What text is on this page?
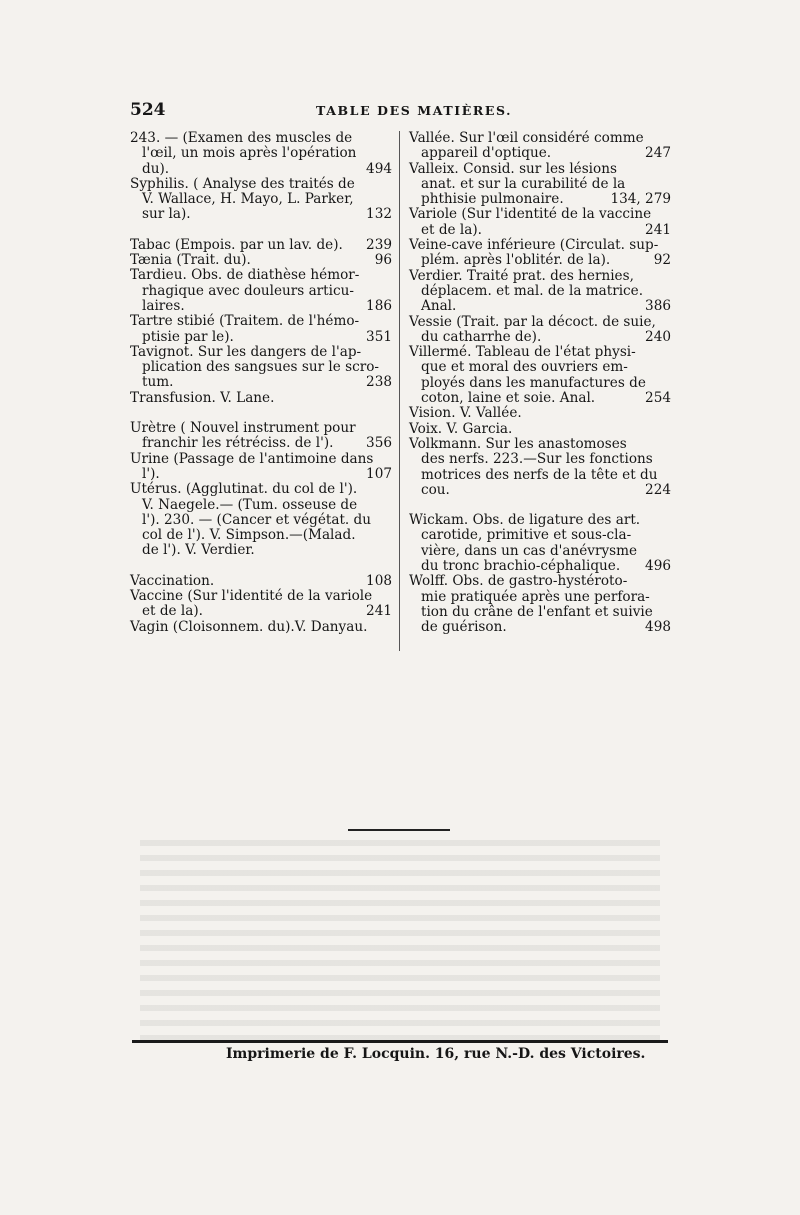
524	TABLE DES MATIÈRES.
243. — (Examen des muscles de
l'œil, un mois après l'opération
du).	494
Syphilis. ( Analyse des traités de
V. Wallace, H. Mayo, L. Parker,
sur la).	132
Tabac (Empois. par un lav. de). 239
Tænia (Trait. du).	96
Tardieu. Obs. de diathèse hémor-
rhagique avec douleurs articu-
laires.	186
Tartre stibié (Traitem. de l'hémo-
ptisie par le).	351
Tavignot. Sur les dangers de l'ap-
plication des sangsues sur le scro-
tum.	238
Transfusion. V. Lane.
Urètre ( Nouvel instrument pour
franchir les rétréciss. de l'). 356
Urine (Passage de l'antimoine dans
l').	107
Utérus. (Agglutinat. du col de l').
V. Naegele.— (Tum. osseuse de
l'). 230. — (Cancer et végétat. du
col de l'). V. Simpson.—(Malad.
de l'). V. Verdier.
Vaccination.	108
Vaccine (Sur l'identité de la variole
et de la).	241
Vagin (Cloisonnem. du).V. Danyau.
Vallée. Sur l'œil considéré comme
appareil d'optique.	247
Valleix. Consid. sur les lésions
anat. et sur la curabilité de la
phthisie pulmonaire.	134, 279
Variole (Sur l'identité de la vaccine
et de la).	241
Veine-cave inférieure (Circulat. sup-
plém. après l'oblitér. de la).	92
Verdier. Traité prat. des hernies,
déplacem. et mal. de la matrice.
Anal.	386
Vessie (Trait. par la décoct. de suie,
du catharrhe de).	240
Villermé. Tableau de l'état physi-
que et moral des ouvriers em-
ployés dans les manufactures de
coton, laine et soie. Anal.	254
Vision. V. Vallée.
Voix. V. Garcia.
Volkmann. Sur les anastomoses
des nerfs. 223.—Sur les fonctions
motrices des nerfs de la tête et du
cou.	224
Wickam. Obs. de ligature des art.
carotide, primitive et sous-cla-
vière, dans un cas d'anévrysme
du tronc brachio-céphalique. 496
Wolff. Obs. de gastro-hystéroto-
mie pratiquée après une perfora-
tion du crâne de l'enfant et suivie
de guérison.	498
Imprimerie de F. Locquin. 16, rue N.-D. des Victoires.
